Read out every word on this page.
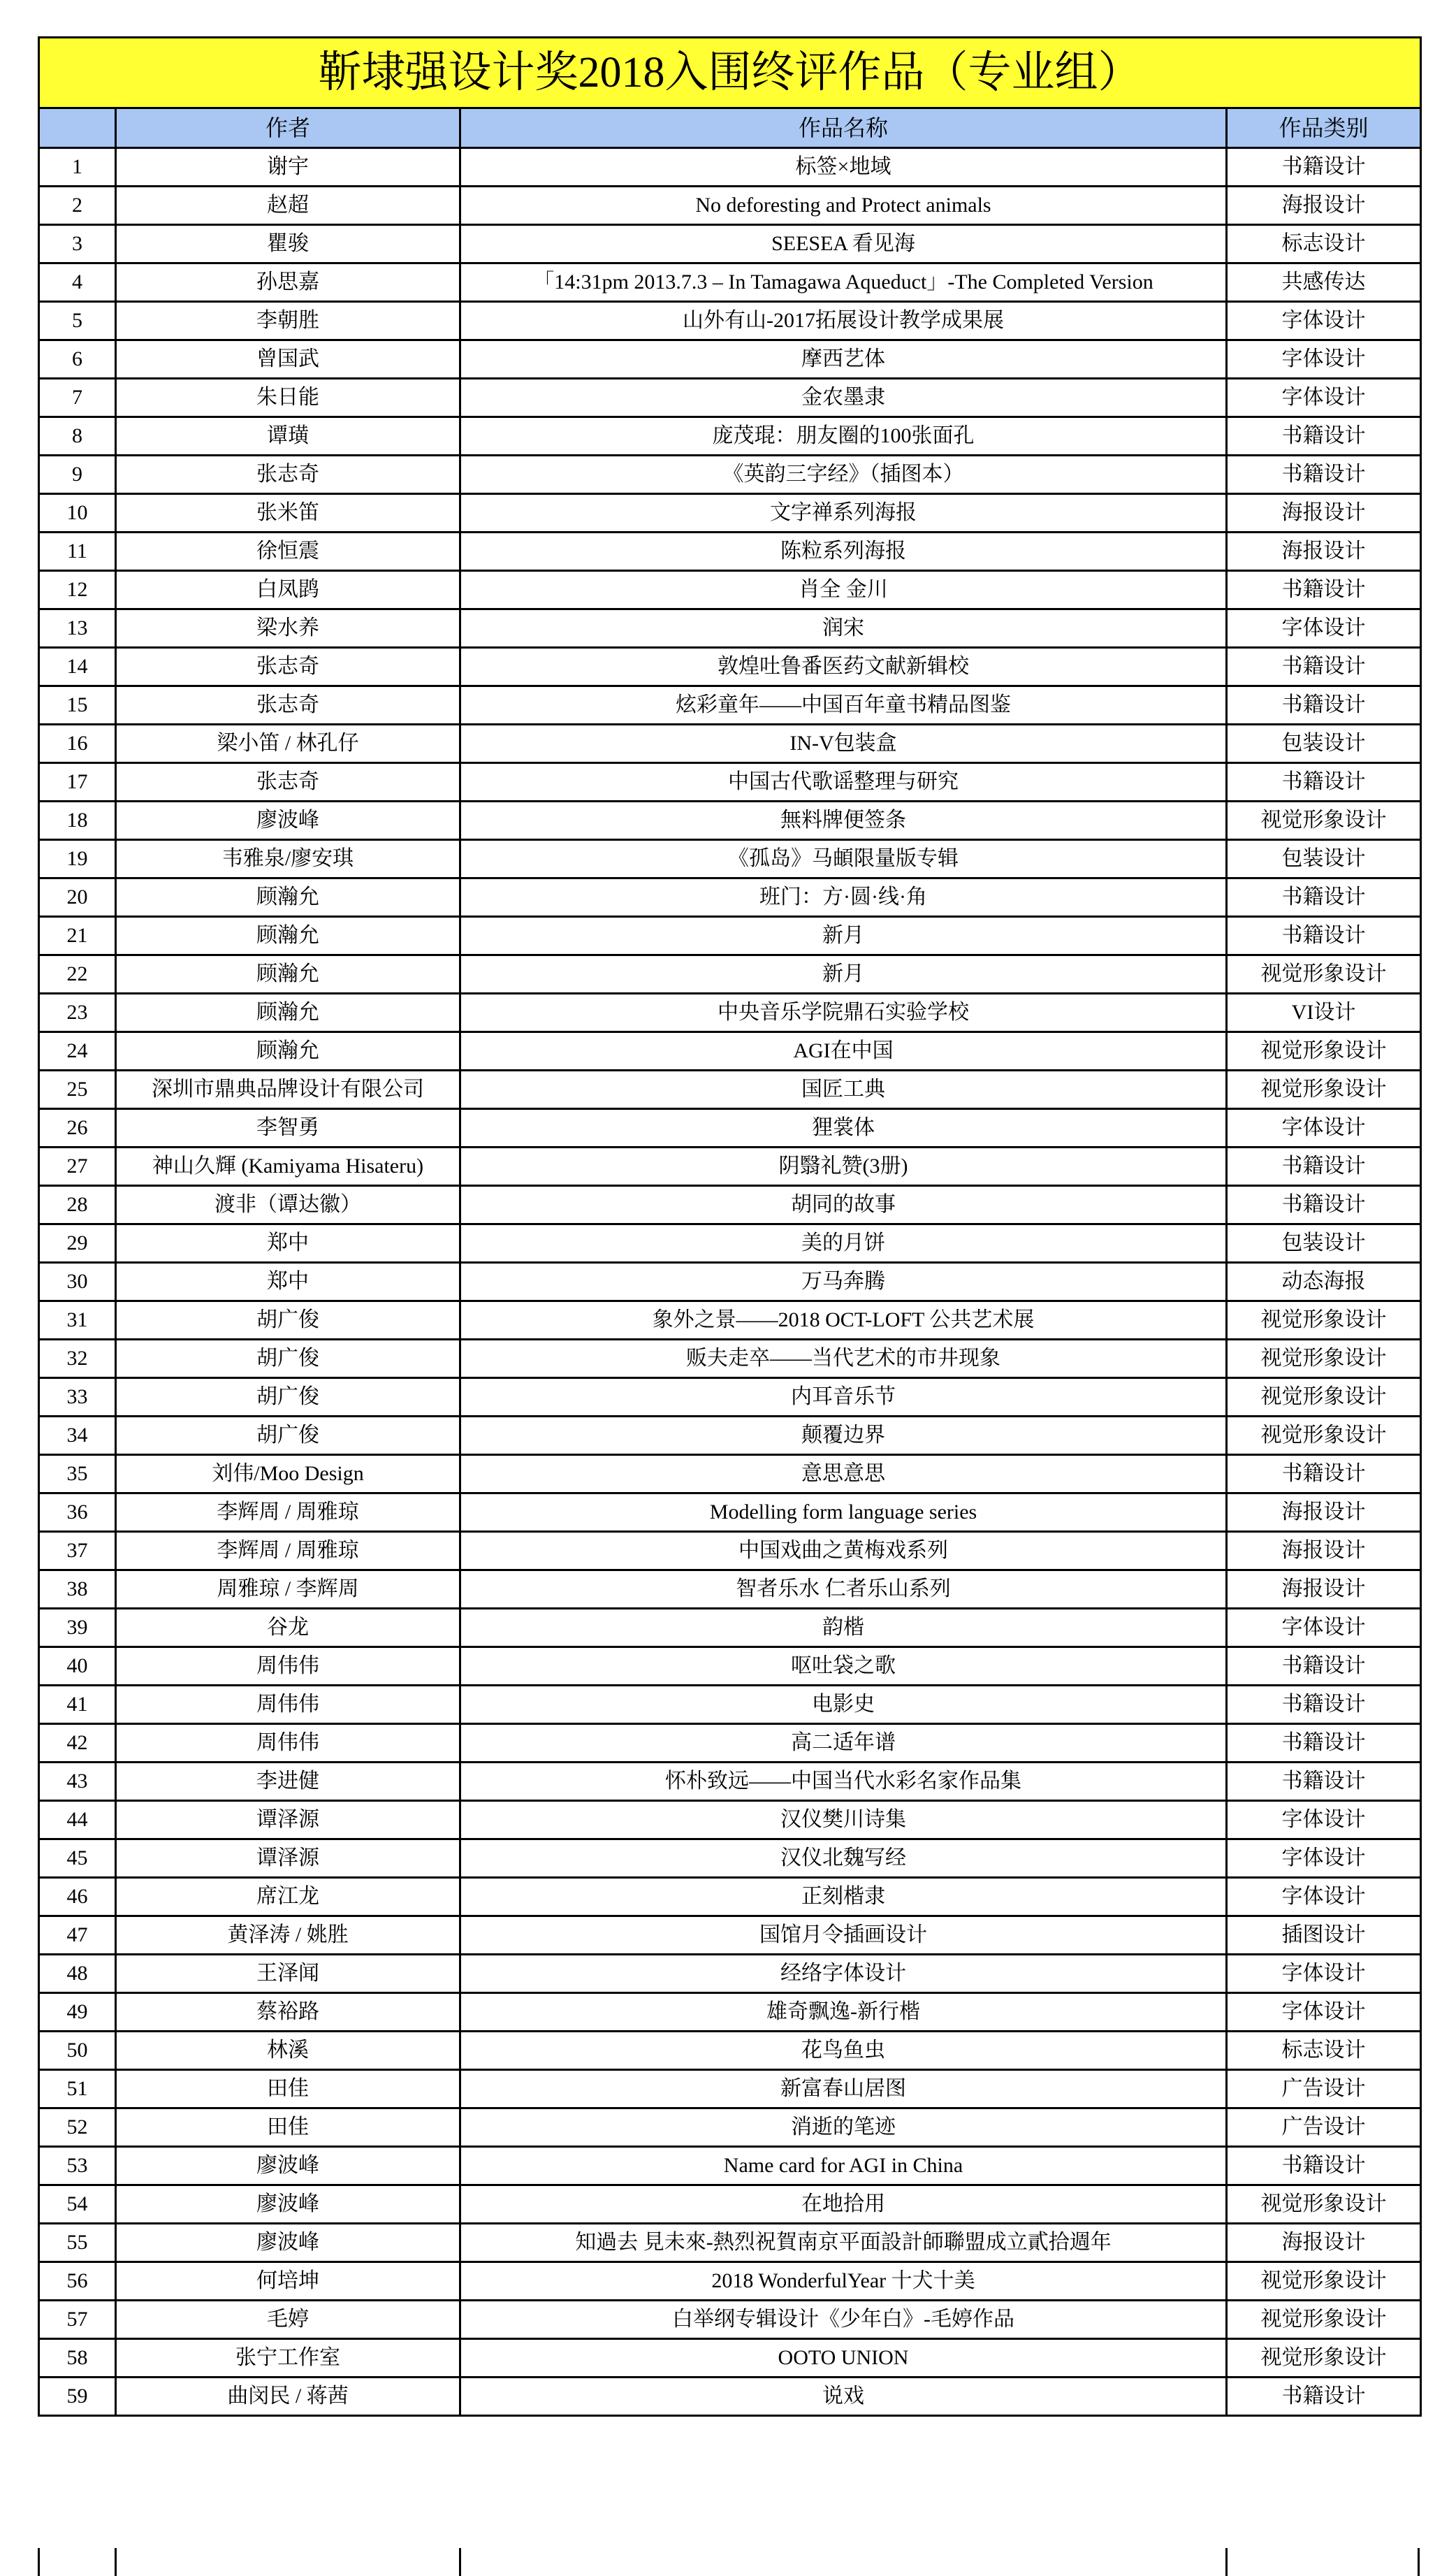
靳埭强设计奖2018入围终评作品（专业组）			
	作者	作品名称	作品类别
1	谢宇	标签×地域	书籍设计
2	赵超	No deforesting and Protect animals	海报设计
3	瞿骏	SEESEA 看见海	标志设计
4	孙思嘉	「14:31pm 2013.7.3 – In Tamagawa Aqueduct」-The Completed Version	共感传达
5	李朝胜	山外有山-2017拓展设计教学成果展	字体设计
6	曾国武	摩西艺体	字体设计
7	朱日能	金农墨隶	字体设计
8	谭璜	庞茂琨：朋友圈的100张面孔	书籍设计
9	张志奇	《英韵三字经》（插图本）	书籍设计
10	张米笛	文字禅系列海报	海报设计
11	徐恒震	陈粒系列海报	海报设计
12	白凤鹍	肖全 金川	书籍设计
13	梁水养	润宋	字体设计
14	张志奇	敦煌吐鲁番医药文献新辑校	书籍设计
15	张志奇	炫彩童年——中国百年童书精品图鉴	书籍设计
16	梁小笛 / 林孔仔	IN-V包装盒	包装设计
17	张志奇	中国古代歌谣整理与研究	书籍设计
18	廖波峰	無料牌便签条	视觉形象设计
19	韦雅泉/廖安琪	《孤岛》马頔限量版专辑	包装设计
20	顾瀚允	班门：方·圆·线·角	书籍设计
21	顾瀚允	新月	书籍设计
22	顾瀚允	新月	视觉形象设计
23	顾瀚允	中央音乐学院鼎石实验学校	VI设计
24	顾瀚允	AGI在中国	视觉形象设计
25	深圳市鼎典品牌设计有限公司	国匠工典	视觉形象设计
26	李智勇	狸裳体	字体设计
27	神山久輝 (Kamiyama Hisateru)	阴翳礼赞(3册)	书籍设计
28	渡非（谭达徽）	胡同的故事	书籍设计
29	郑中	美的月饼	包装设计
30	郑中	万马奔腾	动态海报
31	胡广俊	象外之景——2018 OCT-LOFT 公共艺术展	视觉形象设计
32	胡广俊	贩夫走卒——当代艺术的市井现象	视觉形象设计
33	胡广俊	内耳音乐节	视觉形象设计
34	胡广俊	颠覆边界	视觉形象设计
35	刘伟/Moo Design	意思意思	书籍设计
36	李辉周 / 周雅琼	Modelling form language series	海报设计
37	李辉周 / 周雅琼	中国戏曲之黄梅戏系列	海报设计
38	周雅琼 / 李辉周	智者乐水 仁者乐山系列	海报设计
39	谷龙	韵楷	字体设计
40	周伟伟	呕吐袋之歌	书籍设计
41	周伟伟	电影史	书籍设计
42	周伟伟	高二适年谱	书籍设计
43	李进健	怀朴致远——中国当代水彩名家作品集	书籍设计
44	谭泽源	汉仪樊川诗集	字体设计
45	谭泽源	汉仪北魏写经	字体设计
46	席江龙	正刻楷隶	字体设计
47	黄泽涛 / 姚胜	国馆月令插画设计	插图设计
48	王泽闻	经络字体设计	字体设计
49	蔡裕路	雄奇飘逸-新行楷	字体设计
50	林溪	花鸟鱼虫	标志设计
51	田佳	新富春山居图	广告设计
52	田佳	消逝的笔迹	广告设计
53	廖波峰	Name card for AGI in China	书籍设计
54	廖波峰	在地拾用	视觉形象设计
55	廖波峰	知過去 見未來-熱烈祝賀南京平面設計師聯盟成立貳拾週年	海报设计
56	何培坤	2018 WonderfulYear 十犬十美	视觉形象设计
57	毛婷	白举纲专辑设计《少年白》-毛婷作品	视觉形象设计
58	张宁工作室	OOTO UNION	视觉形象设计
59	曲闵民 / 蒋茜	说戏	书籍设计
